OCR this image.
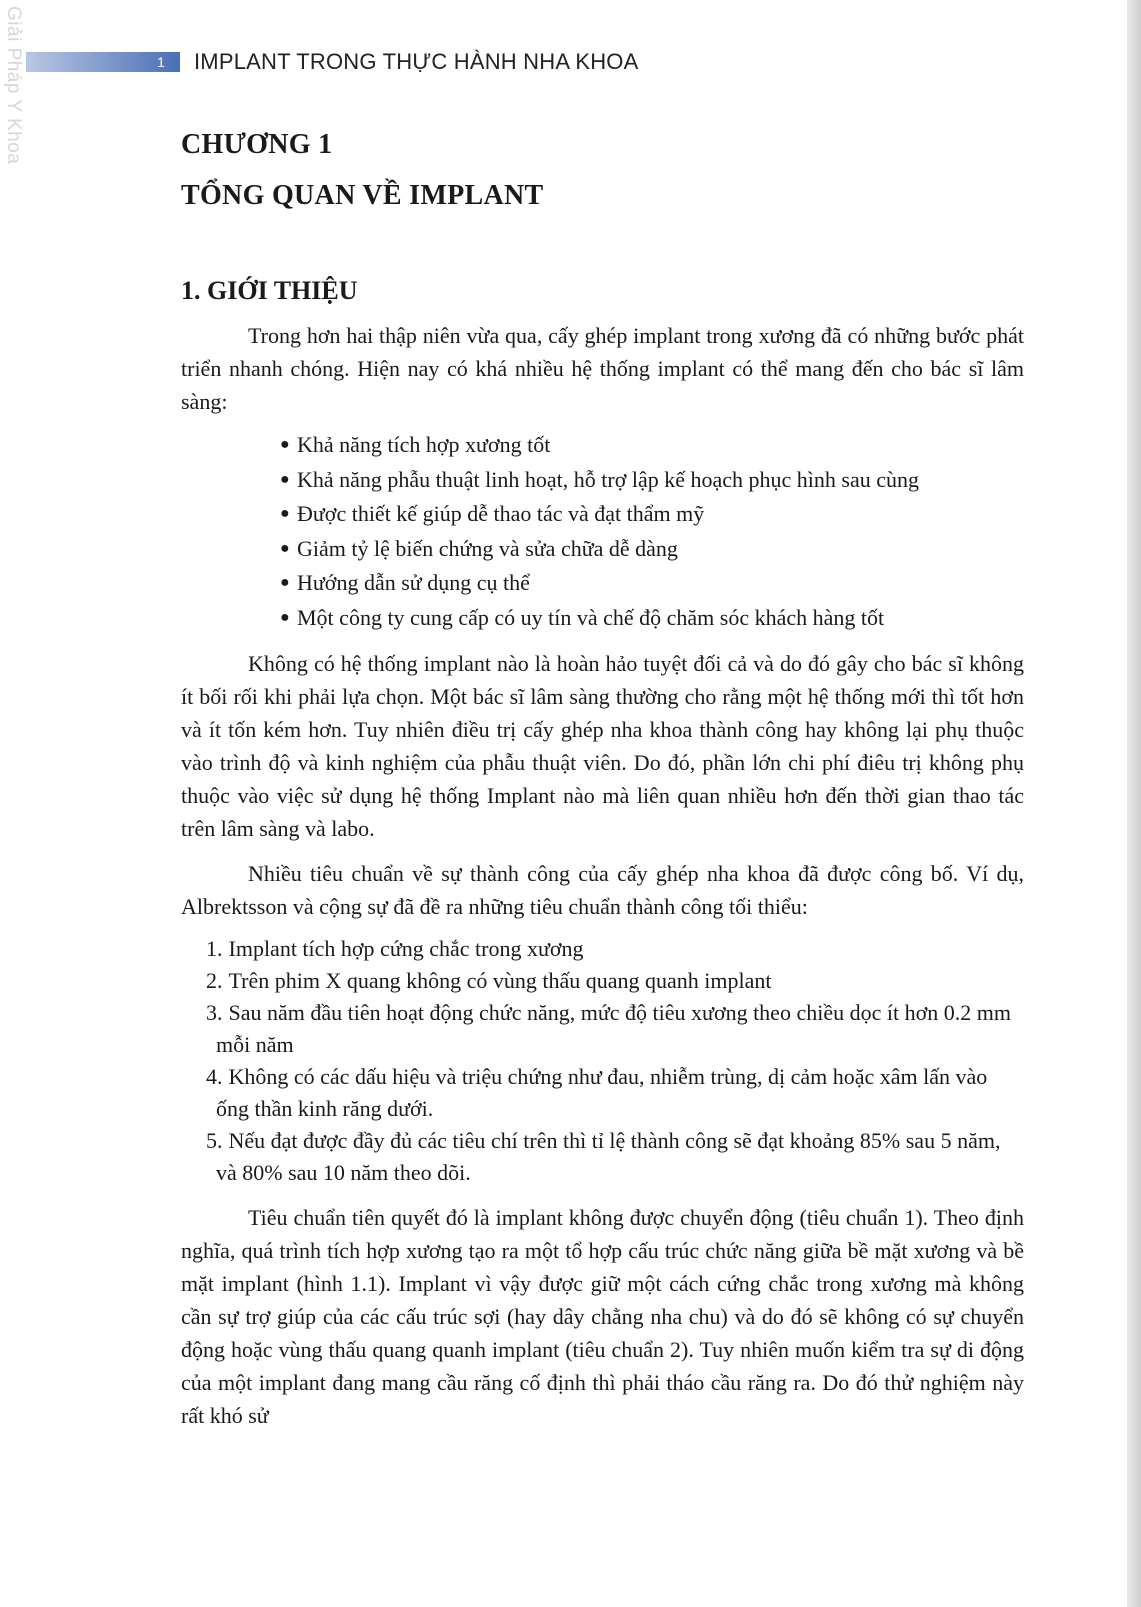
Giải Pháp Y Khoa	1	IMPLANT TRONG THỰC HÀNH NHA KHOA
CHƯƠNG 1
TỔNG QUAN VỀ IMPLANT
1. GIỚI THIỆU

Trong hơn hai thập niên vừa qua, cấy ghép implant trong xương đã có những bước phát triển nhanh chóng. Hiện nay có khá nhiều hệ thống implant có thể mang đến cho bác sĩ lâm sàng:

● Khả năng tích hợp xương tốt
● Khả năng phẫu thuật linh hoạt, hỗ trợ lập kế hoạch phục hình sau cùng
● Được thiết kế giúp dễ thao tác và đạt thẩm mỹ
● Giảm tỷ lệ biến chứng và sửa chữa dễ dàng
● Hướng dẫn sử dụng cụ thể
● Một công ty cung cấp có uy tín và chế độ chăm sóc khách hàng tốt

Không có hệ thống implant nào là hoàn hảo tuyệt đối cả và do đó gây cho bác sĩ không ít bối rối khi phải lựa chọn. Một bác sĩ lâm sàng thường cho rằng một hệ thống mới thì tốt hơn và ít tốn kém hơn. Tuy nhiên điều trị cấy ghép nha khoa thành công hay không lại phụ thuộc vào trình độ và kinh nghiệm của phẫu thuật viên. Do đó, phần lớn chi phí điêu trị không phụ thuộc vào việc sử dụng hệ thống Implant nào mà liên quan nhiều hơn đến thời gian thao tác trên lâm sàng và labo.

Nhiều tiêu chuẩn về sự thành công của cấy ghép nha khoa đã được công bố. Ví dụ, Albrektsson và cộng sự đã đề ra những tiêu chuẩn thành công tối thiểu:

1. Implant tích hợp cứng chắc trong xương
2. Trên phim X quang không có vùng thấu quang quanh implant
3. Sau năm đầu tiên hoạt động chức năng, mức độ tiêu xương theo chiều dọc ít hơn 0.2 mm mỗi năm
4. Không có các dấu hiệu và triệu chứng như đau, nhiễm trùng, dị cảm hoặc xâm lấn vào ống thần kinh răng dưới.
5. Nếu đạt được đầy đủ các tiêu chí trên thì tỉ lệ thành công sẽ đạt khoảng 85% sau 5 năm, và 80% sau 10 năm theo dõi.

Tiêu chuẩn tiên quyết đó là implant không được chuyển động (tiêu chuẩn 1). Theo định nghĩa, quá trình tích hợp xương tạo ra một tổ hợp cấu trúc chức năng giữa bề mặt xương và bề mặt implant (hình 1.1). Implant vì vậy được giữ một cách cứng chắc trong xương mà không cần sự trợ giúp của các cấu trúc sợi (hay dây chằng nha chu) và do đó sẽ không có sự chuyển động hoặc vùng thấu quang quanh implant (tiêu chuẩn 2). Tuy nhiên muốn kiểm tra sự di động của một implant đang mang cầu răng cố định thì phải tháo cầu răng ra. Do đó thử nghiệm này rất khó sử
